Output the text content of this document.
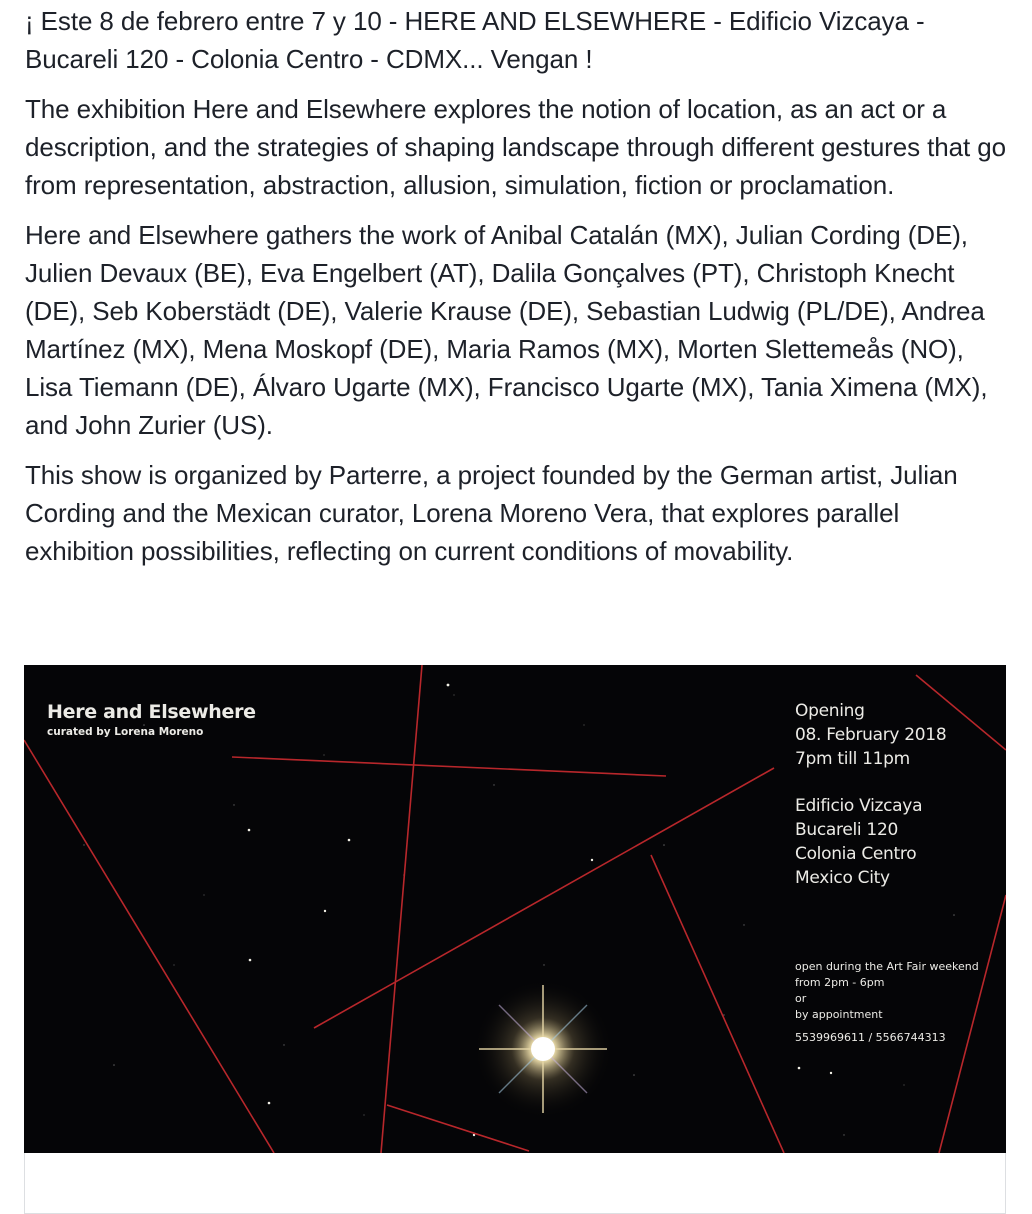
¡ Este 8 de febrero entre 7 y 10 - HERE AND ELSEWHERE - Edificio Vizcaya - Bucareli 120 - Colonia Centro - CDMX... Vengan !

The exhibition Here and Elsewhere explores the notion of location, as an act or a description, and the strategies of shaping landscape through different gestures that go from representation, abstraction, allusion, simulation, fiction or proclamation.

Here and Elsewhere gathers the work of Anibal Catalán (MX), Julian Cording (DE), Julien Devaux (BE), Eva Engelbert (AT), Dalila Gonçalves (PT), Christoph Knecht (DE), Seb Koberstädt (DE), Valerie Krause (DE), Sebastian Ludwig (PL/DE), Andrea Martínez (MX), Mena Moskopf (DE), Maria Ramos (MX), Morten Slettemeås (NO), Lisa Tiemann (DE), Álvaro Ugarte (MX), Francisco Ugarte (MX), Tania Ximena (MX), and John Zurier (US).

This show is organized by Parterre, a project founded by the German artist, Julian Cording and the Mexican curator, Lorena Moreno Vera, that explores parallel exhibition possibilities, reflecting on current conditions of movability.

Here and Elsewhere
curated by Lorena Moreno
Opening
08. February 2018
7pm till 11pm
Edificio Vizcaya
Bucareli 120
Colonia Centro
Mexico City
open during the Art Fair weekend
from 2pm - 6pm
or
by appointment
5539969611 / 5566744313
